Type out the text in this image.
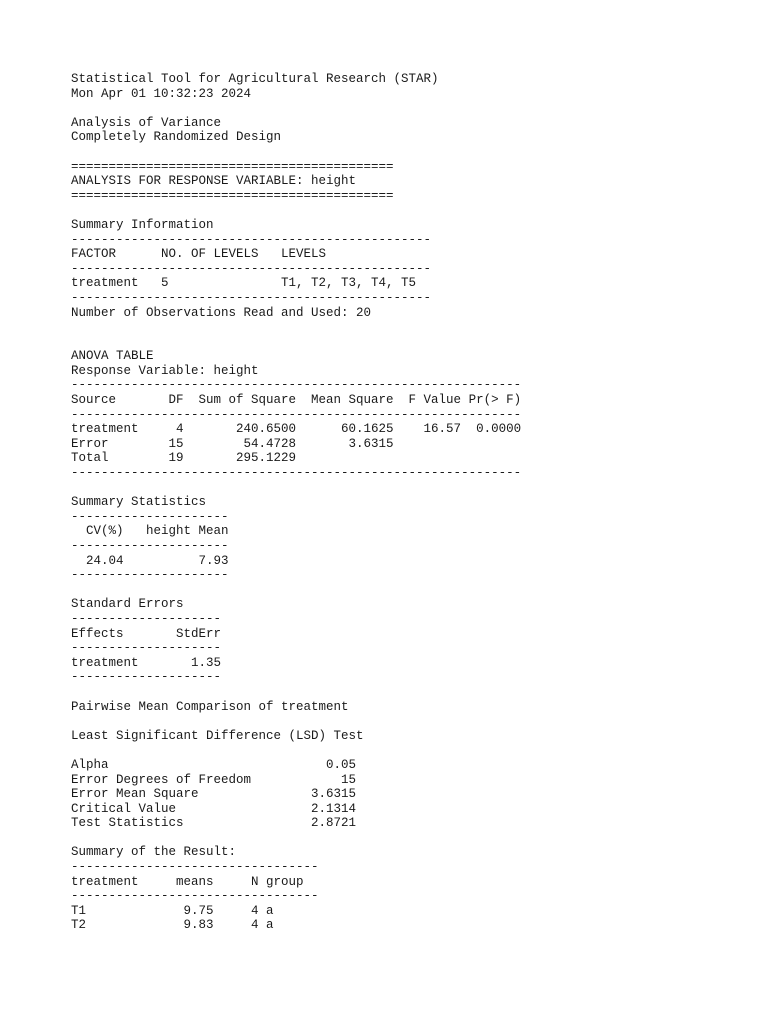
Statistical Tool for Agricultural Research (STAR)
Mon Apr 01 10:32:23 2024
Analysis of Variance
Completely Randomized Design
===========================================
ANALYSIS FOR RESPONSE VARIABLE: height
===========================================
Summary Information
------------------------------------------------
FACTOR      NO. OF LEVELS   LEVELS
------------------------------------------------
treatment   5               T1, T2, T3, T4, T5
------------------------------------------------
Number of Observations Read and Used: 20
ANOVA TABLE
Response Variable: height
------------------------------------------------------------
Source       DF  Sum of Square  Mean Square  F Value Pr(> F)
------------------------------------------------------------
treatment     4       240.6500      60.1625    16.57  0.0000
Error        15        54.4728       3.6315
Total        19       295.1229
------------------------------------------------------------
Summary Statistics
---------------------
CV(%)   height Mean
---------------------
24.04          7.93
---------------------
Standard Errors
--------------------
Effects       StdErr
--------------------
treatment       1.35
--------------------
Pairwise Mean Comparison of treatment
Least Significant Difference (LSD) Test
Alpha                             0.05
Error Degrees of Freedom            15
Error Mean Square               3.6315
Critical Value                  2.1314
Test Statistics                 2.8721
Summary of the Result:
---------------------------------
treatment     means     N group
---------------------------------
T1             9.75     4 a
T2             9.83     4 a
